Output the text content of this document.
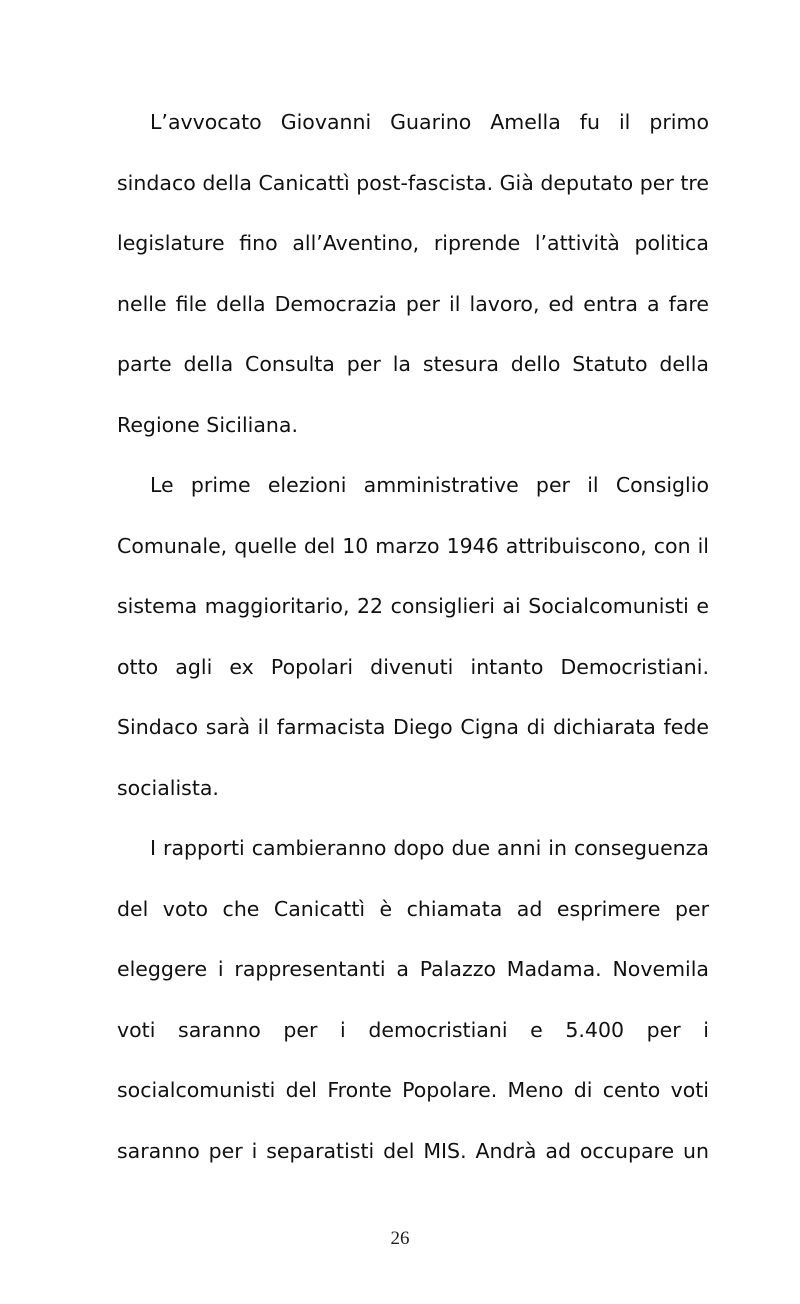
L’avvocato Giovanni Guarino Amella fu il primo
sindaco della Canicattì post-fascista. Già deputato per tre
legislature fino all’Aventino, riprende l’attività politica
nelle file della Democrazia per il lavoro, ed entra a fare
parte della Consulta per la stesura dello Statuto della
Regione Siciliana.
Le prime elezioni amministrative per il Consiglio
Comunale, quelle del 10 marzo 1946 attribuiscono, con il
sistema maggioritario, 22 consiglieri ai Socialcomunisti e
otto agli ex Popolari divenuti intanto Democristiani.
Sindaco sarà il farmacista Diego Cigna di dichiarata fede
socialista.
I rapporti cambieranno dopo due anni in conseguenza
del voto che Canicattì è chiamata ad esprimere per
eleggere i rappresentanti a Palazzo Madama. Novemila
voti saranno per i democristiani e 5.400 per i
socialcomunisti del Fronte Popolare. Meno di cento voti
saranno per i separatisti del MIS. Andrà ad occupare un
26
